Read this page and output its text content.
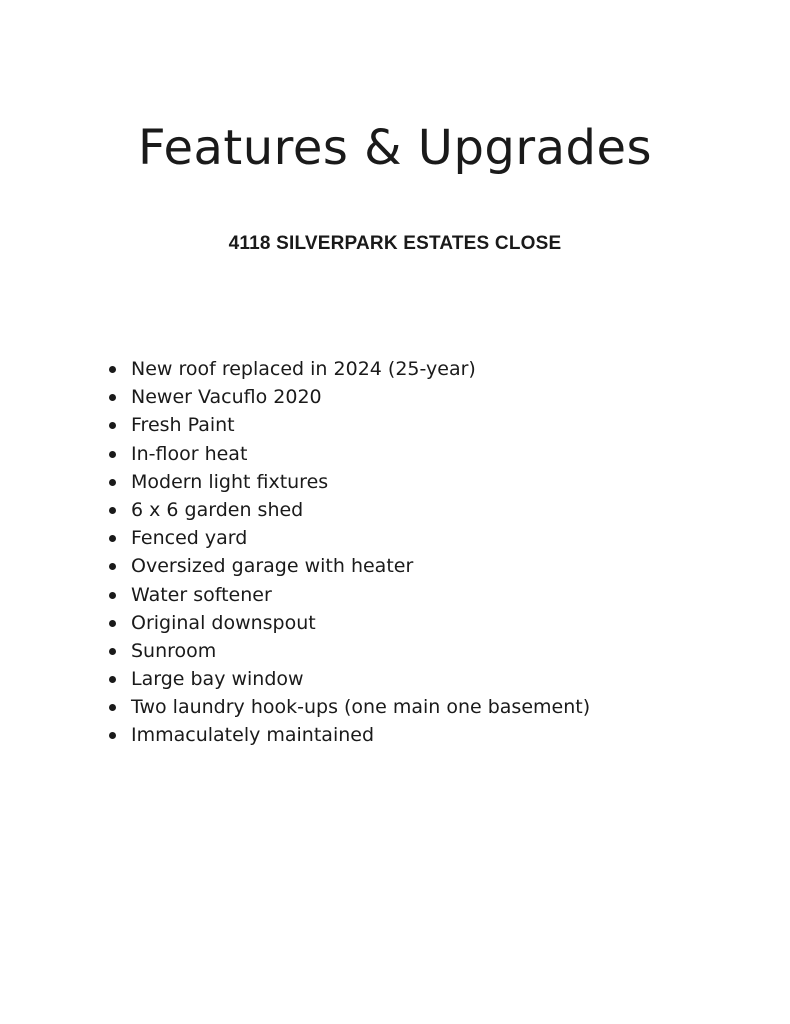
Features & Upgrades
4118 SILVERPARK ESTATES CLOSE
New roof replaced in 2024 (25-year)
Newer Vacuflo 2020
Fresh Paint
In-floor heat
Modern light fixtures
6 x 6 garden shed
Fenced yard
Oversized garage with heater
Water softener
Original downspout
Sunroom
Large bay window
Two laundry hook-ups (one main one basement)
Immaculately maintained
